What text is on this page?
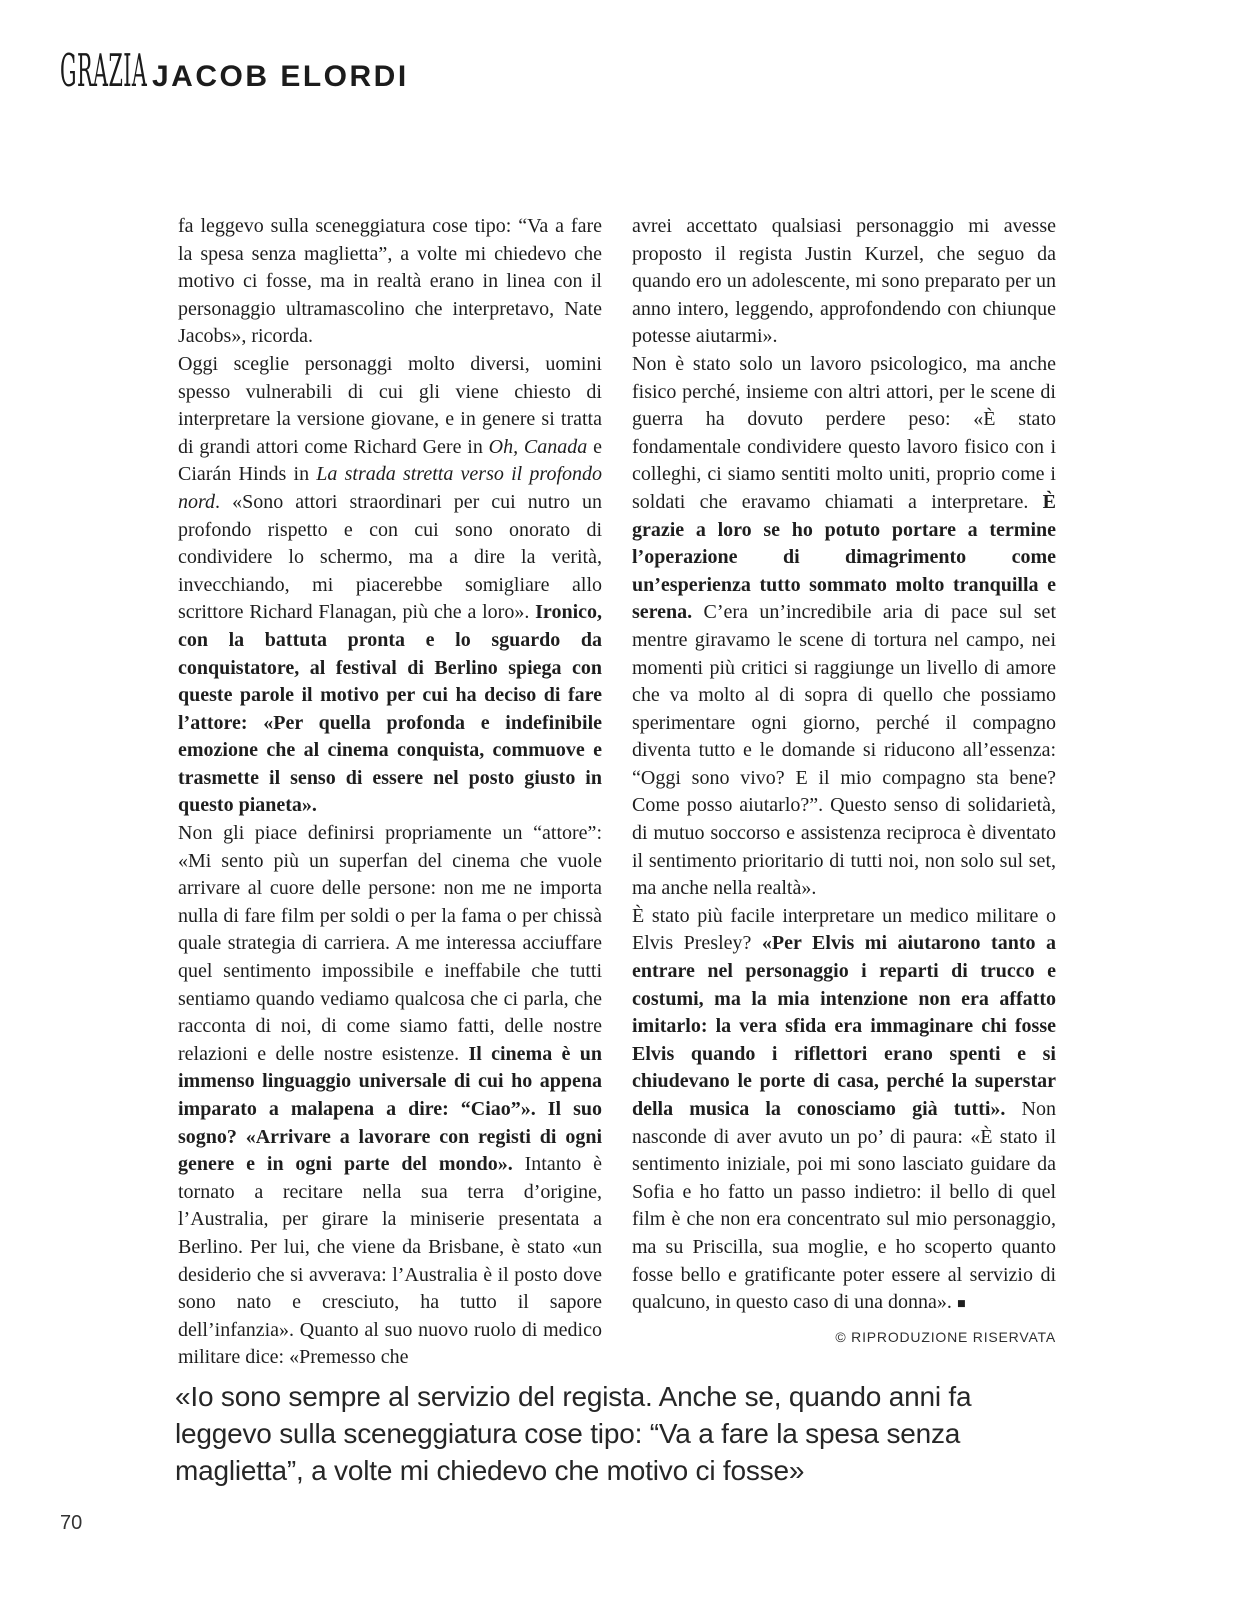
GRAZIA JACOB ELORDI

fa leggevo sulla sceneggiatura cose tipo: “Va a fare la spesa senza maglietta”, a volte mi chiedevo che motivo ci fosse, ma in realtà erano in linea con il personaggio ultramascolino che interpretavo, Nate Jacobs», ricorda.

Oggi sceglie personaggi molto diversi, uomini spesso vulnerabili di cui gli viene chiesto di interpretare la versione giovane, e in genere si tratta di grandi attori come Richard Gere in Oh, Canada e Ciarán Hinds in La strada stretta verso il profondo nord. «Sono attori straordinari per cui nutro un profondo rispetto e con cui sono onorato di condividere lo schermo, ma a dire la verità, invecchiando, mi piacerebbe somigliare allo scrittore Richard Flanagan, più che a loro». Ironico, con la battuta pronta e lo sguardo da conquistatore, al festival di Berlino spiega con queste parole il motivo per cui ha deciso di fare l’attore: «Per quella profonda e indefinibile emozione che al cinema conquista, commuove e trasmette il senso di essere nel posto giusto in questo pianeta».

Non gli piace definirsi propriamente un “attore”: «Mi sento più un superfan del cinema che vuole arrivare al cuore delle persone: non me ne importa nulla di fare film per soldi o per la fama o per chissà quale strategia di carriera. A me interessa acciuffare quel sentimento impossibile e ineffabile che tutti sentiamo quando vediamo qualcosa che ci parla, che racconta di noi, di come siamo fatti, delle nostre relazioni e delle nostre esistenze. Il cinema è un immenso linguaggio universale di cui ho appena imparato a malapena a dire: “Ciao”». Il suo sogno? «Arrivare a lavorare con registi di ogni genere e in ogni parte del mondo». Intanto è tornato a recitare nella sua terra d’origine, l’Australia, per girare la miniserie presentata a Berlino. Per lui, che viene da Brisbane, è stato «un desiderio che si avverava: l’Australia è il posto dove sono nato e cresciuto, ha tutto il sapore dell’infanzia». Quanto al suo nuovo ruolo di medico militare dice: «Premesso che

avrei accettato qualsiasi personaggio mi avesse proposto il regista Justin Kurzel, che seguo da quando ero un adolescente, mi sono preparato per un anno intero, leggendo, approfondendo con chiunque potesse aiutarmi».

Non è stato solo un lavoro psicologico, ma anche fisico perché, insieme con altri attori, per le scene di guerra ha dovuto perdere peso: «È stato fondamentale condividere questo lavoro fisico con i colleghi, ci siamo sentiti molto uniti, proprio come i soldati che eravamo chiamati a interpretare. È grazie a loro se ho potuto portare a termine l’operazione di dimagrimento come un’esperienza tutto sommato molto tranquilla e serena. C’era un’incredibile aria di pace sul set mentre giravamo le scene di tortura nel campo, nei momenti più critici si raggiunge un livello di amore che va molto al di sopra di quello che possiamo sperimentare ogni giorno, perché il compagno diventa tutto e le domande si riducono all’essenza: “Oggi sono vivo? E il mio compagno sta bene? Come posso aiutarlo?”. Questo senso di solidarietà, di mutuo soccorso e assistenza reciproca è diventato il sentimento prioritario di tutti noi, non solo sul set, ma anche nella realtà».

È stato più facile interpretare un medico militare o Elvis Presley? «Per Elvis mi aiutarono tanto a entrare nel personaggio i reparti di trucco e costumi, ma la mia intenzione non era affatto imitarlo: la vera sfida era immaginare chi fosse Elvis quando i riflettori erano spenti e si chiudevano le porte di casa, perché la superstar della musica la conosciamo già tutti». Non nasconde di aver avuto un po’ di paura: «È stato il sentimento iniziale, poi mi sono lasciato guidare da Sofia e ho fatto un passo indietro: il bello di quel film è che non era concentrato sul mio personaggio, ma su Priscilla, sua moglie, e ho scoperto quanto fosse bello e gratificante poter essere al servizio di qualcuno, in questo caso di una donna». ■

© RIPRODUZIONE RISERVATA
«Io sono sempre al servizio del regista. Anche se, quando anni fa leggevo sulla sceneggiatura cose tipo: “Va a fare la spesa senza maglietta”, a volte mi chiedevo che motivo ci fosse»
70
